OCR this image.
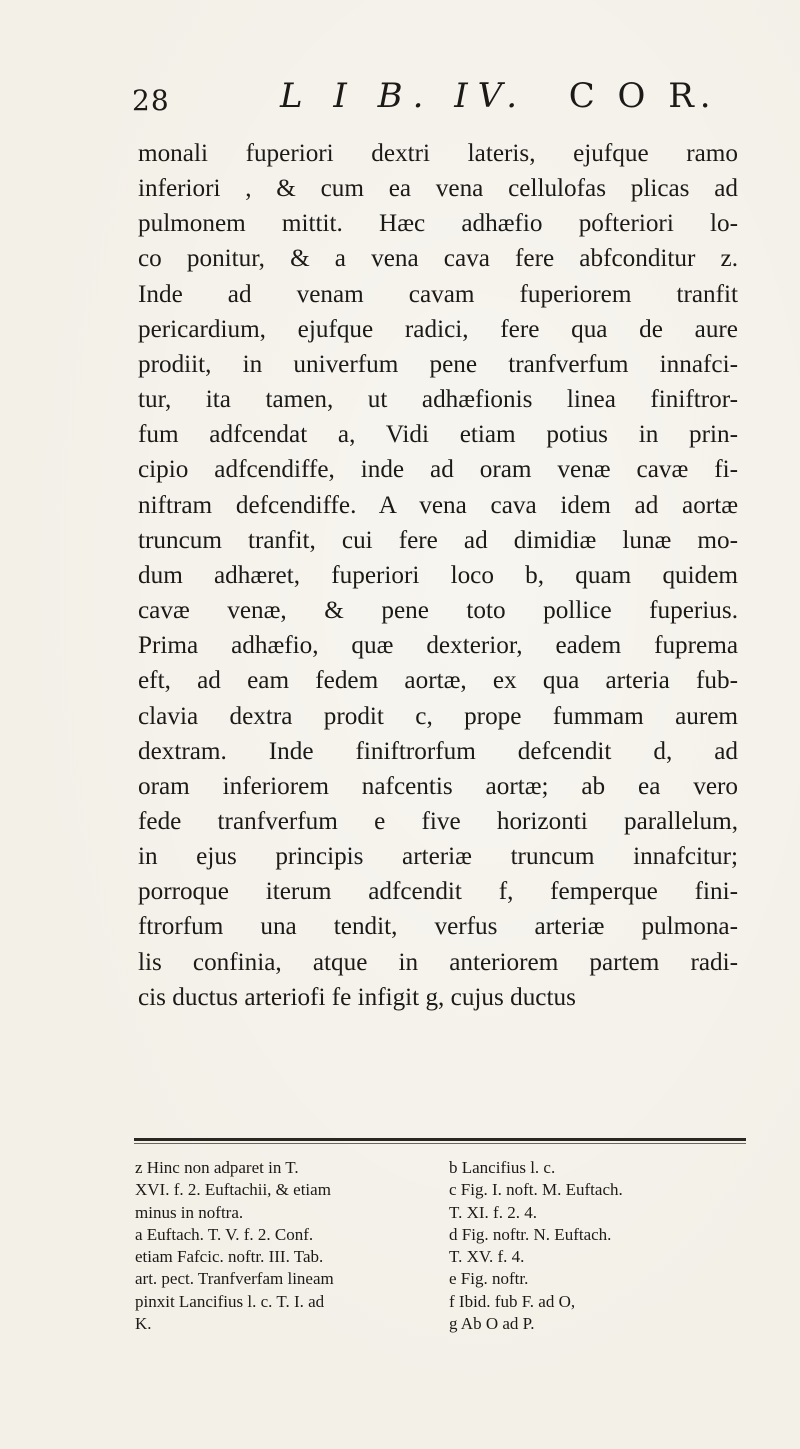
28	L I B. IV. C O R.
monali fuperiori dextri lateris, ejufque ramo
inferiori , & cum ea vena cellulofas plicas ad
pulmonem mittit. Hæc adhæfio pofteriori lo-
co ponitur, & a vena cava fere abfconditur z.
Inde ad venam cavam fuperiorem tranfit
pericardium, ejufque radici, fere qua de aure
prodiit, in univerfum pene tranfverfum innafci-
tur, ita tamen, ut adhæfionis linea finiftror-
fum adfcendat a, Vidi etiam potius in prin-
cipio adfcendiffe, inde ad oram venæ cavæ fi-
niftram defcendiffe. A vena cava idem ad aortæ
truncum tranfit, cui fere ad dimidiæ lunæ mo-
dum adhæret, fuperiori loco b, quam quidem
cavæ venæ, & pene toto pollice fuperius.
Prima adhæfio, quæ dexterior, eadem fuprema
eft, ad eam fedem aortæ, ex qua arteria fub-
clavia dextra prodit c, prope fummam aurem
dextram. Inde finiftrorfum defcendit d, ad
oram inferiorem nafcentis aortæ; ab ea vero
fede tranfverfum e five horizonti parallelum,
in ejus principis arteriæ truncum innafcitur;
porroque iterum adfcendit f, femperque fini-
ftrorfum una tendit, verfus arteriæ pulmona-
lis confinia, atque in anteriorem partem radi-
cis ductus arteriofi fe infigit g, cujus ductus
z Hinc non adparet in T.
XVI. f. 2. Euftachii, & etiam
minus in noftra.
a Euftach. T. V. f. 2. Conf.
etiam Fafcic. noftr. III. Tab.
art. pect. Tranfverfam lineam
pinxit Lancifius l. c. T. I. ad
K.
b Lancifius l. c.
c Fig. I. noft. M. Euftach.
T. XI. f. 2. 4.
d Fig. noftr. N. Euftach.
T. XV. f. 4.
e Fig. noftr.
f Ibid. fub F. ad O,
g Ab O ad P.
